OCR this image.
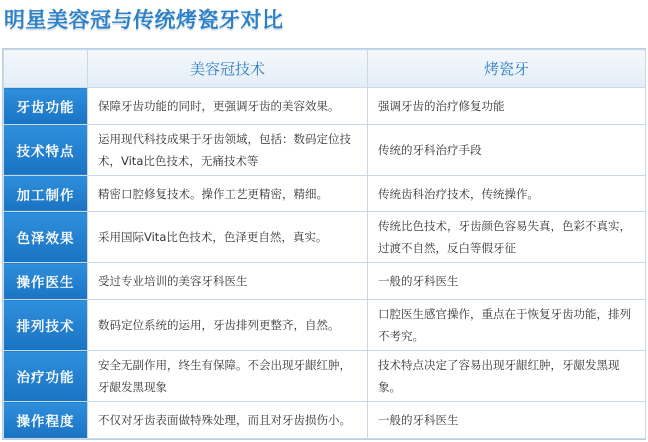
明星美容冠与传统烤瓷牙对比
	美容冠技术	烤瓷牙
牙齿功能	保障牙齿功能的同时，更强调牙齿的美容效果。	强调牙齿的治疗修复功能
技术特点	运用现代科技成果于牙齿领域，包括：数码定位技术，Vita比色技术，无痛技术等	传统的牙科治疗手段
加工制作	精密口腔修复技术。操作工艺更精密，精细。	传统齿科治疗技术，传统操作。
色泽效果	采用国际Vita比色技术，色泽更自然，真实。	传统比色技术，牙齿颜色容易失真，色彩不真实，过渡不自然，反白等假牙征
操作医生	受过专业培训的美容牙科医生	一般的牙科医生
排列技术	数码定位系统的运用，牙齿排列更整齐，自然。	口腔医生感官操作，重点在于恢复牙齿功能，排列不考究。
治疗功能	安全无副作用，终生有保障。不会出现牙龈红肿，牙龈发黑现象	技术特点决定了容易出现牙龈红肿，牙龈发黑现象。
操作程度	不仅对牙齿表面做特殊处理，而且对牙齿损伤小。	一般的牙科医生
